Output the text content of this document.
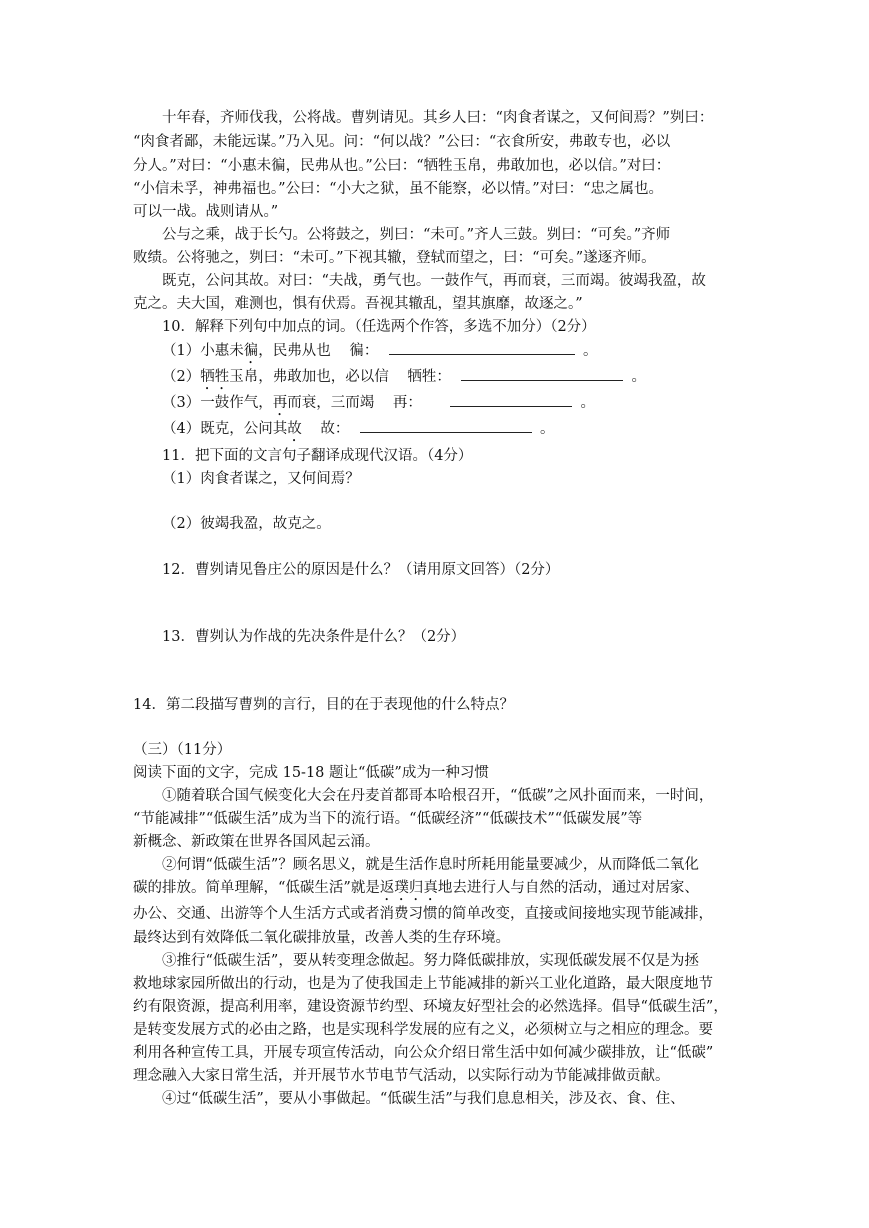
十年春，齐师伐我，公将战。曹刿请见。其乡人曰：“肉食者谋之，又何间焉？”刿曰：
“肉食者鄙，未能远谋。”乃入见。问：“何以战？”公曰：“衣食所安，弗敢专也，必以
分人。”对曰：“小惠未徧，民弗从也。”公曰：“牺牲玉帛，弗敢加也，必以信。”对曰：
“小信未孚，神弗福也。”公曰：“小大之狱，虽不能察，必以情。”对曰：“忠之属也。
可以一战。战则请从。”
公与之乘，战于长勺。公将鼓之，刿曰：“未可。”齐人三鼓。刿曰：“可矣。”齐师
败绩。公将驰之，刿曰：“未可。”下视其辙，登轼而望之，曰：“可矣。”遂逐齐师。
既克，公问其故。对曰：“夫战，勇气也。一鼓作气，再而衰，三而竭。彼竭我盈，故
克之。夫大国，难测也，惧有伏焉。吾视其辙乱，望其旗靡，故逐之。”
10．解释下列句中加点的词。（任选两个作答，多选不加分）（2分）
（1）小惠未徧，民弗从也 徧：	。
（2）牺牲玉帛，弗敢加也，必以信 牺牲：	。
（3）一鼓作气，再而衰，三而竭 再：	。
（4）既克，公问其故 故：	。
11．把下面的文言句子翻译成现代汉语。（4分）
（1）肉食者谋之，又何间焉？
（2）彼竭我盈，故克之。
12．曹刿请见鲁庄公的原因是什么？（请用原文回答）（2分）
13．曹刿认为作战的先决条件是什么？（2分）
14．第二段描写曹刿的言行，目的在于表现他的什么特点？
（三）（11分）
阅读下面的文字，完成 15-18 题让“低碳”成为一种习惯
①随着联合国气候变化大会在丹麦首都哥本哈根召开，“低碳”之风扑面而来，一时间，
“节能减排”“低碳生活”成为当下的流行语。“低碳经济”“低碳技术”“低碳发展”等
新概念、新政策在世界各国风起云涌。
②何谓“低碳生活”？顾名思义，就是生活作息时所耗用能量要减少，从而降低二氧化
碳的排放。简单理解，“低碳生活”就是返璞归真地去进行人与自然的活动，通过对居家、
办公、交通、出游等个人生活方式或者消费习惯的简单改变，直接或间接地实现节能减排，
最终达到有效降低二氧化碳排放量，改善人类的生存环境。
③推行“低碳生活”，要从转变理念做起。努力降低碳排放，实现低碳发展不仅是为拯
救地球家园所做出的行动，也是为了使我国走上节能减排的新兴工业化道路，最大限度地节
约有限资源，提高利用率，建设资源节约型、环境友好型社会的必然选择。倡导“低碳生活”，
是转变发展方式的必由之路，也是实现科学发展的应有之义，必须树立与之相应的理念。要
利用各种宣传工具，开展专项宣传活动，向公众介绍日常生活中如何减少碳排放，让“低碳”
理念融入大家日常生活，并开展节水节电节气活动，以实际行动为节能减排做贡献。
④过“低碳生活”，要从小事做起。“低碳生活”与我们息息相关，涉及衣、食、住、
